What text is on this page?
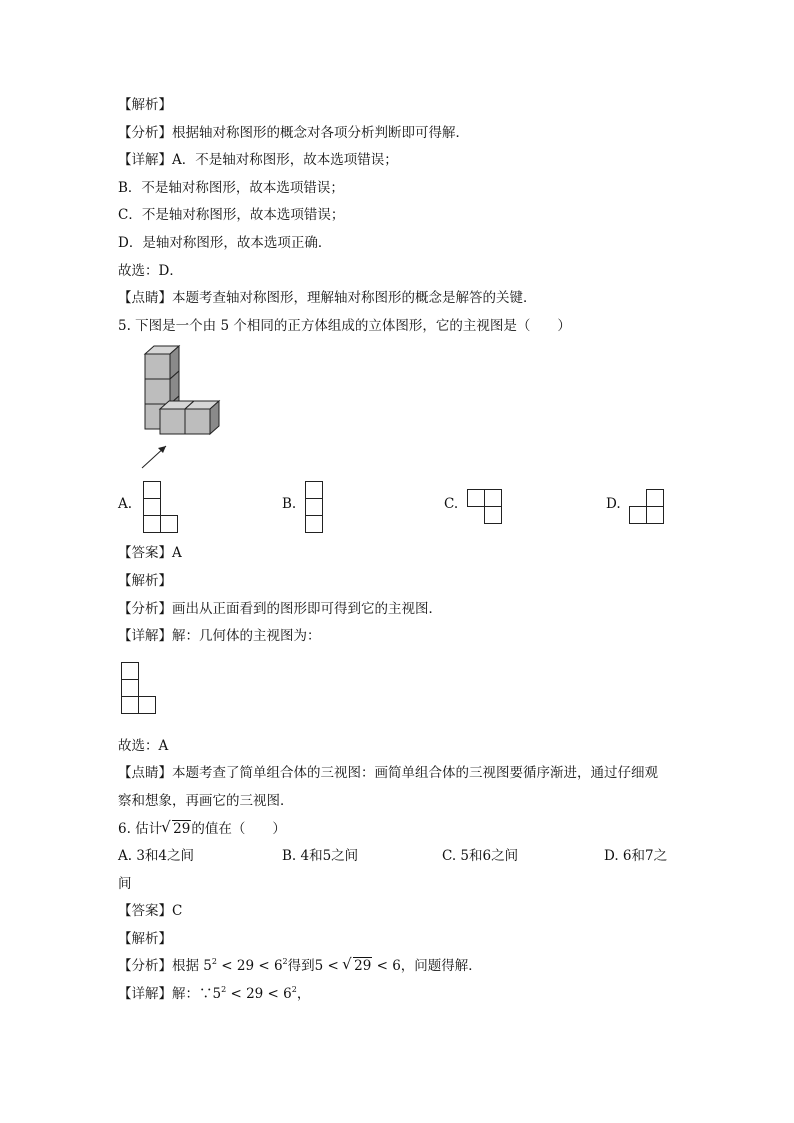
【解析】
【分析】根据轴对称图形的概念对各项分析判断即可得解．
【详解】A．不是轴对称图形，故本选项错误；
B．不是轴对称图形，故本选项错误；
C．不是轴对称图形，故本选项错误；
D．是轴对称图形，故本选项正确．
故选：D．
【点睛】本题考查轴对称图形，理解轴对称图形的概念是解答的关键．
5. 下图是一个由 5 个相同的正方体组成的立体图形，它的主视图是（　　）
A.	B.	C.	D.
【答案】A
【解析】
【分析】画出从正面看到的图形即可得到它的主视图．
【详解】解：几何体的主视图为：
故选：A
【点睛】本题考查了简单组合体的三视图：画简单组合体的三视图要循序渐进，通过仔细观
察和想象，再画它的三视图．
6. 估计√ 29的值在（　　）
A. 3和4之间	B. 4和5之间	C. 5和6之间	D. 6和7之
间
【答案】C
【解析】
【分析】根据 $5^2 < 29 < 6^2$得到5 < √ 29 < 6，问题得解．
【详解】解：$\because 5^2 < 29 < 6^2$，
